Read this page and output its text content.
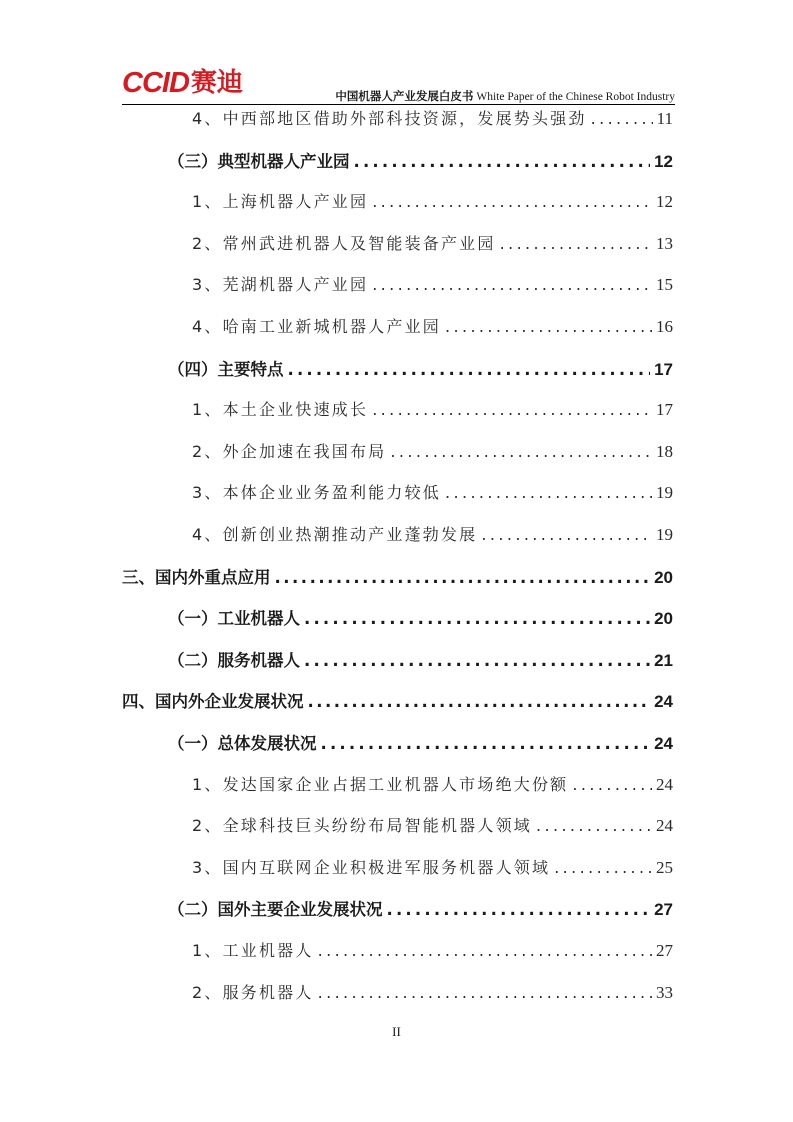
CCID 赛迪	中国机器人产业发展白皮书 White Paper of the Chinese Robot Industry
4、中西部地区借助外部科技资源，发展势头强劲 .....	11
（三）典型机器人产业园 .....	12
1、上海机器人产业园 .....	12
2、常州武进机器人及智能装备产业园 .....	13
3、芜湖机器人产业园 .....	15
4、哈南工业新城机器人产业园 .....	16
（四）主要特点 .....	17
1、本土企业快速成长 .....	17
2、外企加速在我国布局 .....	18
3、本体企业业务盈利能力较低 .....	19
4、创新创业热潮推动产业蓬勃发展 .....	19
三、国内外重点应用 .....	20
（一）工业机器人 .....	20
（二）服务机器人 .....	21
四、国内外企业发展状况 .....	24
（一）总体发展状况 .....	24
1、发达国家企业占据工业机器人市场绝大份额 .....	24
2、全球科技巨头纷纷布局智能机器人领域 .....	24
3、国内互联网企业积极进军服务机器人领域 .....	25
（二）国外主要企业发展状况 .....	27
1、工业机器人 .....	27
2、服务机器人 .....	33
II
